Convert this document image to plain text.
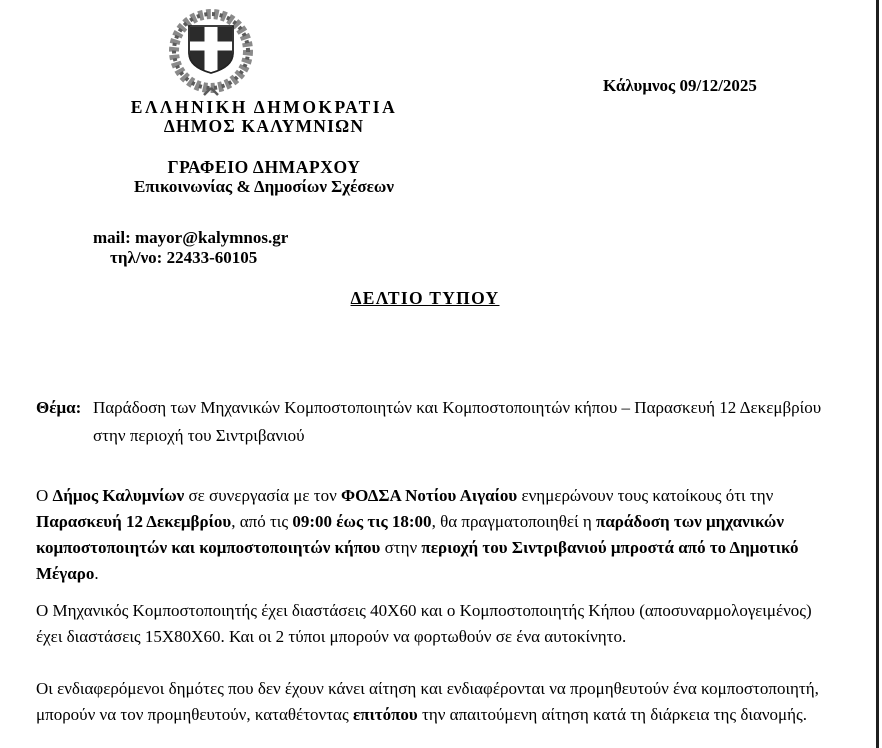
Κάλυμνος 09/12/2025
ΕΛΛΗΝΙΚΗ ΔΗΜΟΚΡΑΤΙΑ
ΔΗΜΟΣ ΚΑΛΥΜΝΙΩΝ
ΓΡΑΦΕΙΟ ΔΗΜΑΡΧΟΥ
Επικοινωνίας & Δημοσίων Σχέσεων
mail: mayor@kalymnos.gr
τηλ/νο: 22433-60105
ΔΕΛΤΙΟ ΤΥΠΟΥ
Θέμα: Παράδοση των Μηχανικών Κομποστοποιητών και Κομποστοποιητών κήπου – Παρασκευή 12 Δεκεμβρίου στην περιοχή του Σιντριβανιού

Ο Δήμος Καλυμνίων σε συνεργασία με τον ΦΟΔΣΑ Νοτίου Αιγαίου ενημερώνουν τους κατοίκους ότι την Παρασκευή 12 Δεκεμβρίου, από τις 09:00 έως τις 18:00, θα πραγματοποιηθεί η παράδοση των μηχανικών κομποστοποιητών και κομποστοποιητών κήπου στην περιοχή του Σιντριβανιού μπροστά από το Δημοτικό Μέγαρο.

Ο Μηχανικός Κομποστοποιητής έχει διαστάσεις 40Χ60 και ο Κομποστοποιητής Κήπου (αποσυναρμολογειμένος) έχει διαστάσεις 15Χ80Χ60. Και οι 2 τύποι μπορούν να φορτωθούν σε ένα αυτοκίνητο.

Οι ενδιαφερόμενοι δημότες που δεν έχουν κάνει αίτηση και ενδιαφέρονται να προμηθευτούν ένα κομποστοποιητή, μπορούν να τον προμηθευτούν, καταθέτοντας επιτόπου την απαιτούμενη αίτηση κατά τη διάρκεια της διανομής.
